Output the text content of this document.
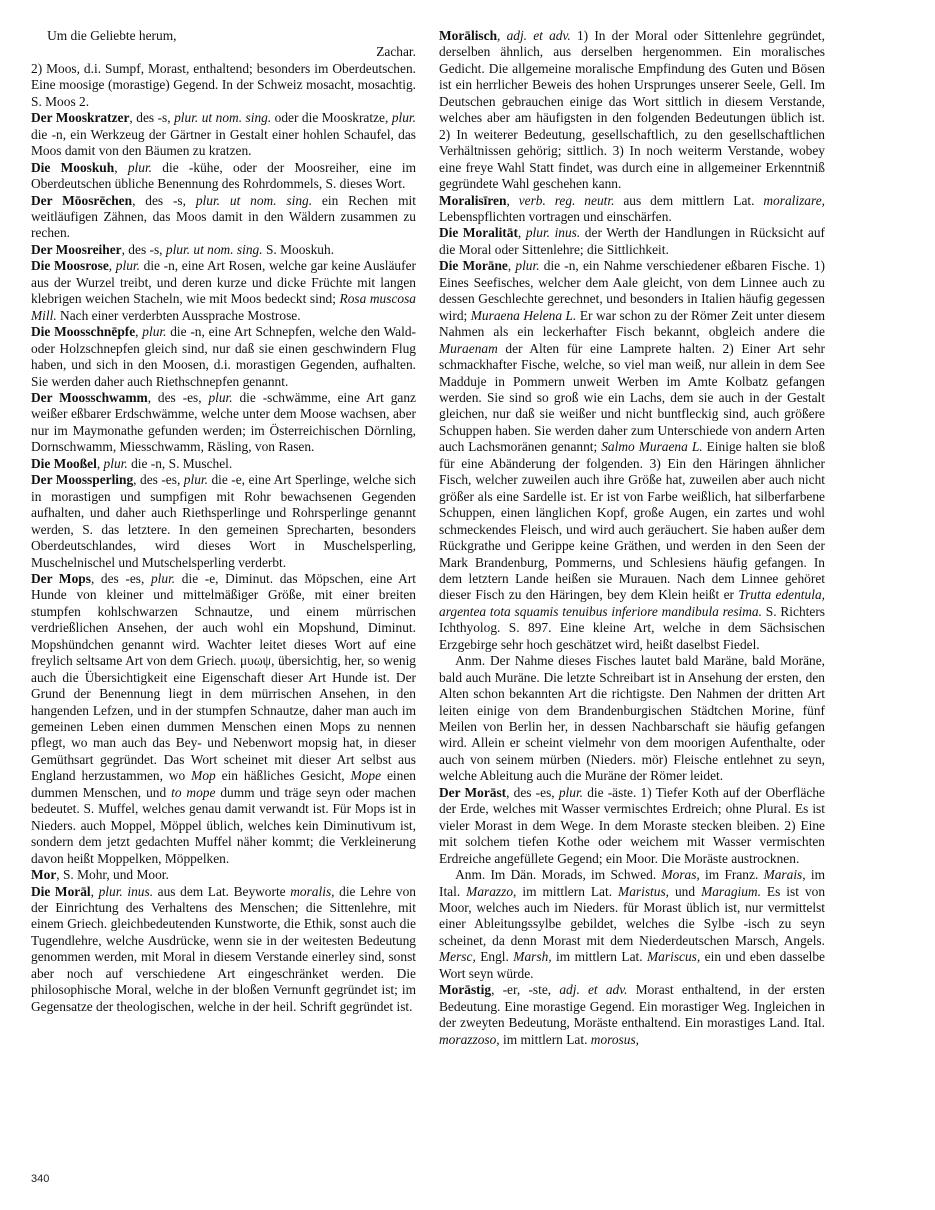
Um die Geliebte herum,

Zachar.

2) Moos, d.i. Sumpf, Morast, enthaltend; besonders im Oberdeutschen. Eine moosige (morastige) Gegend. In der Schweiz mosacht, mosachtig. S. Moos 2.

Der Mooskratzer, des -s, plur. ut nom. sing. oder die Mooskratze, plur. die -n, ein Werkzeug der Gärtner in Gestalt einer hohlen Schaufel, das Moos damit von den Bäumen zu kratzen.

Die Mooskuh, plur. die -kühe, oder der Moosreiher, eine im Oberdeutschen übliche Benennung des Rohrdommels, S. dieses Wort.

Der Mōosrēchen, des -s, plur. ut nom. sing. ein Rechen mit weitläufigen Zähnen, das Moos damit in den Wäldern zusammen zu rechen.

Der Moosreiher, des -s, plur. ut nom. sing. S. Mooskuh.

Die Moosrose, plur. die -n, eine Art Rosen, welche gar keine Ausläufer aus der Wurzel treibt, und deren kurze und dicke Früchte mit langen klebrigen weichen Stacheln, wie mit Moos bedeckt sind; Rosa muscosa Mill. Nach einer verderbten Aussprache Mostrose.

Die Moosschnēpfe, plur. die -n, eine Art Schnepfen, welche den Wald- oder Holzschnepfen gleich sind, nur daß sie einen geschwindern Flug haben, und sich in den Moosen, d.i. morastigen Gegenden, aufhalten. Sie werden daher auch Riethschnepfen genannt.

Der Moosschwamm, des -es, plur. die -schwämme, eine Art ganz weißer eßbarer Erdschwämme, welche unter dem Moose wachsen, aber nur im Maymonathe gefunden werden; im Österreichischen Dörnling, Dornschwamm, Miesschwamm, Räsling, von Rasen.

Die Mooßel, plur. die -n, S. Muschel.

Der Moossperling, des -es, plur. die -e, eine Art Sperlinge, welche sich in morastigen und sumpfigen mit Rohr bewachsenen Gegenden aufhalten, und daher auch Riethsperlinge und Rohrsperlinge genannt werden, S. das letztere. In den gemeinen Sprecharten, besonders Oberdeutschlandes, wird dieses Wort in Muschelsperling, Muschelnischel und Mutschelsperling verderbt.

Der Mops, des -es, plur. die -e, Diminut. das Möpschen, eine Art Hunde von kleiner und mittelmäßiger Größe, mit einer breiten stumpfen kohlschwarzen Schnautze, und einem mürrischen verdrießlichen Ansehen, der auch wohl ein Mopshund, Diminut. Mopshündchen genannt wird. Wachter leitet dieses Wort auf eine freylich seltsame Art von dem Griech. μυωψ, übersichtig, her, so wenig auch die Übersichtigkeit eine Eigenschaft dieser Art Hunde ist. Der Grund der Benennung liegt in dem mürrischen Ansehen, in den hangenden Lefzen, und in der stumpfen Schnautze, daher man auch im gemeinen Leben einen dummen Menschen einen Mops zu nennen pflegt, wo man auch das Bey- und Nebenwort mopsig hat, in dieser Gemüthsart gegründet. Das Wort scheinet mit dieser Art selbst aus England herzustammen, wo Mop ein häßliches Gesicht, Mope einen dummen Menschen, und to mope dumm und träge seyn oder machen bedeutet. S. Muffel, welches genau damit verwandt ist. Für Mops ist in Nieders. auch Moppel, Möppel üblich, welches kein Diminutivum ist, sondern dem jetzt gedachten Muffel näher kommt; die Verkleinerung davon heißt Moppelken, Möppelken.

Mor, S. Mohr, und Moor.

Die Morāl, plur. inus. aus dem Lat. Beyworte moralis, die Lehre von der Einrichtung des Verhaltens des Menschen; die Sittenlehre, mit einem Griech. gleichbedeutenden Kunstworte, die Ethik, sonst auch die Tugendlehre, welche Ausdrücke, wenn sie in der weitesten Bedeutung genommen werden, mit Moral in diesem Verstande einerley sind, sonst aber noch auf verschiedene Art eingeschränket werden. Die philosophische Moral, welche in der bloßen Vernunft gegründet ist; im Gegensatze der theologischen, welche in der heil. Schrift gegründet ist.

Morālisch, adj. et adv. 1) In der Moral oder Sittenlehre gegründet, derselben ähnlich, aus derselben hergenommen. Ein moralisches Gedicht. Die allgemeine moralische Empfindung des Guten und Bösen ist ein herrlicher Beweis des hohen Ursprunges unserer Seele, Gell. Im Deutschen gebrauchen einige das Wort sittlich in diesem Verstande, welches aber am häufigsten in den folgenden Bedeutungen üblich ist. 2) In weiterer Bedeutung, gesellschaftlich, zu den gesellschaftlichen Verhältnissen gehörig; sittlich. 3) In noch weiterm Verstande, wobey eine freye Wahl Statt findet, was durch eine in allgemeiner Erkenntniß gegründete Wahl geschehen kann.

Moralisīren, verb. reg. neutr. aus dem mittlern Lat. moralizare, Lebenspflichten vortragen und einschärfen.

Die Moralitāt, plur. inus. der Werth der Handlungen in Rücksicht auf die Moral oder Sittenlehre; die Sittlichkeit.

Die Morāne, plur. die -n, ein Nahme verschiedener eßbaren Fische. 1) Eines Seefisches, welcher dem Aale gleicht, von dem Linnee auch zu dessen Geschlechte gerechnet, und besonders in Italien häufig gegessen wird; Muraena Helena L. Er war schon zu der Römer Zeit unter diesem Nahmen als ein leckerhafter Fisch bekannt, obgleich andere die Muraenam der Alten für eine Lamprete halten. 2) Einer Art sehr schmackhafter Fische, welche, so viel man weiß, nur allein in dem See Madduje in Pommern unweit Werben im Amte Kolbatz gefangen werden. Sie sind so groß wie ein Lachs, dem sie auch in der Gestalt gleichen, nur daß sie weißer und nicht buntfleckig sind, auch größere Schuppen haben. Sie werden daher zum Unterschiede von andern Arten auch Lachsmoränen genannt; Salmo Muraena L. Einige halten sie bloß für eine Abänderung der folgenden. 3) Ein den Häringen ähnlicher Fisch, welcher zuweilen auch ihre Größe hat, zuweilen aber auch nicht größer als eine Sardelle ist. Er ist von Farbe weißlich, hat silberfarbene Schuppen, einen länglichen Kopf, große Augen, ein zartes und wohl schmeckendes Fleisch, und wird auch geräuchert. Sie haben außer dem Rückgrathe und Gerippe keine Gräthen, und werden in den Seen der Mark Brandenburg, Pommerns, und Schlesiens häufig gefangen. In dem letztern Lande heißen sie Murauen. Nach dem Linnee gehöret dieser Fisch zu den Häringen, bey dem Klein heißt er Trutta edentula, argentea tota squamis tenuibus inferiore mandibula resima. S. Richters Ichthyolog. S. 897. Eine kleine Art, welche in dem Sächsischen Erzgebirge sehr hoch geschätzet wird, heißt daselbst Fiedel.

Anm. Der Nahme dieses Fisches lautet bald Maräne, bald Moräne, bald auch Muräne. Die letzte Schreibart ist in Ansehung der ersten, den Alten schon bekannten Art die richtigste. Den Nahmen der dritten Art leiten einige von dem Brandenburgischen Städtchen Morine, fünf Meilen von Berlin her, in dessen Nachbarschaft sie häufig gefangen wird. Allein er scheint vielmehr von dem moorigen Aufenthalte, oder auch von seinem mürben (Nieders. mör) Fleische entlehnet zu seyn, welche Ableitung auch die Muräne der Römer leidet.

Der Morāst, des -es, plur. die -äste. 1) Tiefer Koth auf der Oberfläche der Erde, welches mit Wasser vermischtes Erdreich; ohne Plural. Es ist vieler Morast in dem Wege. In dem Moraste stecken bleiben. 2) Eine mit solchem tiefen Kothe oder weichem mit Wasser vermischten Erdreiche angefüllete Gegend; ein Moor. Die Moräste austrocknen.

Anm. Im Dän. Morads, im Schwed. Moras, im Franz. Marais, im Ital. Marazzo, im mittlern Lat. Maristus, und Maragium. Es ist von Moor, welches auch im Nieders. für Morast üblich ist, nur vermittelst einer Ableitungssylbe gebildet, welches die Sylbe -isch zu seyn scheinet, da denn Morast mit dem Niederdeutschen Marsch, Angels. Mersc, Engl. Marsh, im mittlern Lat. Mariscus, ein und eben dasselbe Wort seyn würde.

Morāstig, -er, -ste, adj. et adv. Morast enthaltend, in der ersten Bedeutung. Eine morastige Gegend. Ein morastiger Weg. Ingleichen in der zweyten Bedeutung, Moräste enthaltend. Ein morastiges Land. Ital. morazzoso, im mittlern Lat. morosus,

340
